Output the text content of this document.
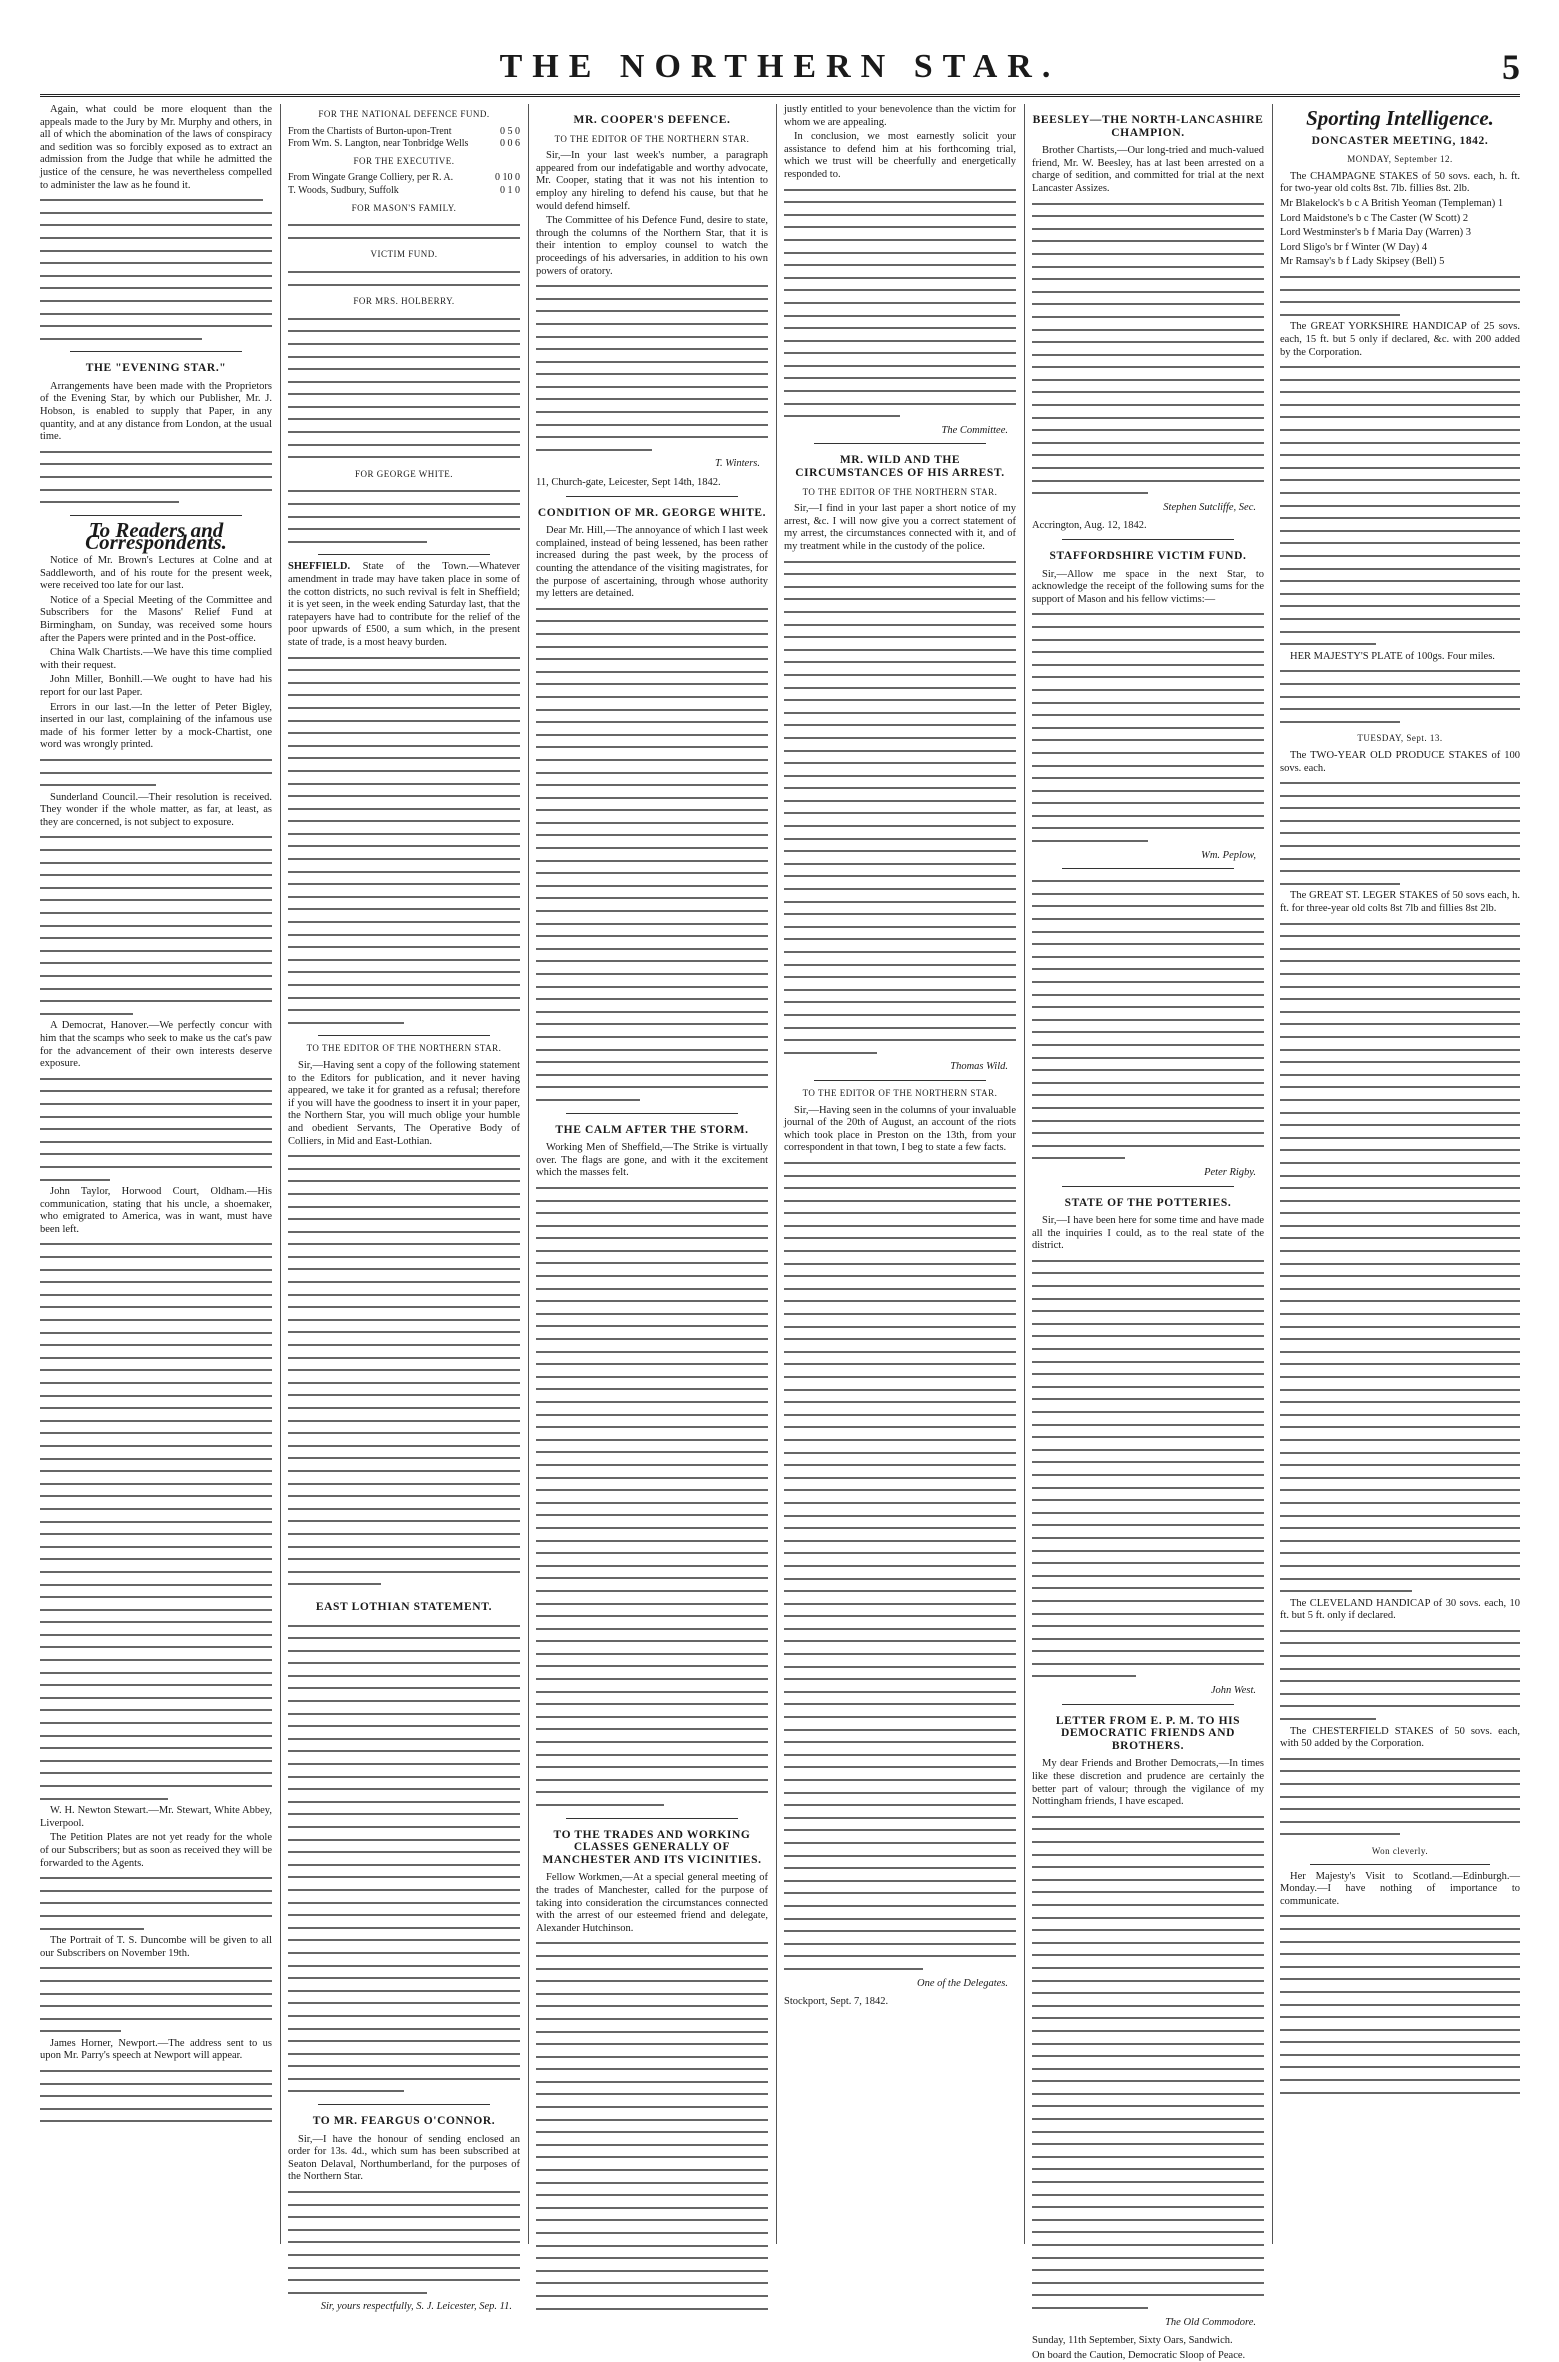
THE NORTHERN STAR.	5

Again, what could be more eloquent than the appeals made to the Jury by Mr. Murphy and others, in all of which the abomination of the laws of conspiracy and sedition was so forcibly exposed as to extract an admission from the Judge that while he admitted the justice of the censure, he was nevertheless compelled to administer the law as he found it.

THE "EVENING STAR."

Arrangements have been made with the Proprietors of the Evening Star, by which our Publisher, Mr. J. Hobson, is enabled to supply that Paper, in any quantity, and at any distance from London, at the usual time.

To Readers and Correspondents.

Notice of Mr. Brown's Lectures at Colne and at Saddleworth, and of his route for the present week, were received too late for our last.

Notice of a Special Meeting of the Committee and Subscribers for the Masons' Relief Fund at Birmingham, on Sunday, was received some hours after the Papers were printed and in the Post-office.

China Walk Chartists.—We have this time complied with their request.

John Miller, Bonhill.—We ought to have had his report for our last Paper.

Errors in our last.—In the letter of Peter Bigley, inserted in our last, complaining of the infamous use made of his former letter by a mock-Chartist, one word was wrongly printed.

Sunderland Council.—Their resolution is received. They wonder if the whole matter, as far, at least, as they are concerned, is not subject to exposure.

A Democrat, Hanover.—We perfectly concur with him that the scamps who seek to make us the cat's paw for the advancement of their own interests deserve exposure.

John Taylor, Horwood Court, Oldham.—His communication, stating that his uncle, a shoemaker, who emigrated to America, was in want, must have been left.

W. H. Newton Stewart.—Mr. Stewart, White Abbey, Liverpool.

The Petition Plates are not yet ready for the whole of our Subscribers; but as soon as received they will be forwarded to the Agents.

The Portrait of T. S. Duncombe will be given to all our Subscribers on November 19th.

James Horner, Newport.—The address sent to us upon Mr. Parry's speech at Newport will appear.

FOR THE NATIONAL DEFENCE FUND.
From the Chartists of Burton-upon-Trent	0 5 0
From Wm. S. Langton, near Tonbridge Wells	0 0 6
FOR THE EXECUTIVE.
From Wingate Grange Colliery, per R. A.	0 10 0
T. Woods, Sudbury, Suffolk	0 1 0
FOR MASON'S FAMILY.
VICTIM FUND.
FOR MRS. HOLBERRY.
FOR GEORGE WHITE.

SHEFFIELD. State of the Town.—Whatever amendment in trade may have taken place in some of the cotton districts, no such revival is felt in Sheffield; it is yet seen, in the week ending Saturday last, that the ratepayers have had to contribute for the relief of the poor upwards of £500, a sum which, in the present state of trade, is a most heavy burden.

TO THE EDITOR OF THE NORTHERN STAR.

Sir,—Having sent a copy of the following statement to the Editors for publication, and it never having appeared, we take it for granted as a refusal; therefore if you will have the goodness to insert it in your paper, the Northern Star, you will much oblige your humble and obedient Servants, The Operative Body of Colliers, in Mid and East-Lothian.

EAST LOTHIAN STATEMENT.
TO MR. FEARGUS O'CONNOR.

Sir,—I have the honour of sending enclosed an order for 13s. 4d., which sum has been subscribed at Seaton Delaval, Northumberland, for the purposes of the Northern Star.

Sir, yours respectfully, S. J. Leicester, Sep. 11.
MR. COOPER'S DEFENCE.
TO THE EDITOR OF THE NORTHERN STAR.

Sir,—In your last week's number, a paragraph appeared from our indefatigable and worthy advocate, Mr. Cooper, stating that it was not his intention to employ any hireling to defend his cause, but that he would defend himself.

The Committee of his Defence Fund, desire to state, through the columns of the Northern Star, that it is their intention to employ counsel to watch the proceedings of his adversaries, in addition to his own powers of oratory.

T. Winters.

11, Church-gate, Leicester, Sept 14th, 1842.

CONDITION OF MR. GEORGE WHITE.

Dear Mr. Hill,—The annoyance of which I last week complained, instead of being lessened, has been rather increased during the past week, by the process of counting the attendance of the visiting magistrates, for the purpose of ascertaining, through whose authority my letters are detained.

THE CALM AFTER THE STORM.

Working Men of Sheffield,—The Strike is virtually over. The flags are gone, and with it the excitement which the masses felt.

TO THE TRADES AND WORKING CLASSES GENERALLY OF MANCHESTER AND ITS VICINITIES.

Fellow Workmen,—At a special general meeting of the trades of Manchester, called for the purpose of taking into consideration the circumstances connected with the arrest of our esteemed friend and delegate, Alexander Hutchinson.

justly entitled to your benevolence than the victim for whom we are appealing.

In conclusion, we most earnestly solicit your assistance to defend him at his forthcoming trial, which we trust will be cheerfully and energetically responded to.

The Committee.
MR. WILD AND THE CIRCUMSTANCES OF HIS ARREST.
TO THE EDITOR OF THE NORTHERN STAR.

Sir,—I find in your last paper a short notice of my arrest, &c. I will now give you a correct statement of my arrest, the circumstances connected with it, and of my treatment while in the custody of the police.

Thomas Wild.
TO THE EDITOR OF THE NORTHERN STAR.

Sir,—Having seen in the columns of your invaluable journal of the 20th of August, an account of the riots which took place in Preston on the 13th, from your correspondent in that town, I beg to state a few facts.

One of the Delegates.

Stockport, Sept. 7, 1842.

BEESLEY—THE NORTH-LANCASHIRE CHAMPION.

Brother Chartists,—Our long-tried and much-valued friend, Mr. W. Beesley, has at last been arrested on a charge of sedition, and committed for trial at the next Lancaster Assizes.

Stephen Sutcliffe, Sec.

Accrington, Aug. 12, 1842.

STAFFORDSHIRE VICTIM FUND.

Sir,—Allow me space in the next Star, to acknowledge the receipt of the following sums for the support of Mason and his fellow victims:—

Wm. Peplow,
Peter Rigby.
STATE OF THE POTTERIES.

Sir,—I have been here for some time and have made all the inquiries I could, as to the real state of the district.

John West.
LETTER FROM E. P. M. TO HIS DEMOCRATIC FRIENDS AND BROTHERS.

My dear Friends and Brother Democrats,—In times like these discretion and prudence are certainly the better part of valour; through the vigilance of my Nottingham friends, I have escaped.

The Old Commodore.

Sunday, 11th September, Sixty Oars, Sandwich.

On board the Caution, Democratic Sloop of Peace.

Sporting Intelligence.
DONCASTER MEETING, 1842.
MONDAY, September 12.

The CHAMPAGNE STAKES of 50 sovs. each, h. ft. for two-year old colts 8st. 7lb. fillies 8st. 2lb.

Mr Blakelock's b c A British Yeoman (Templeman) 1

Lord Maidstone's b c The Caster (W Scott) 2

Lord Westminster's b f Maria Day (Warren) 3

Lord Sligo's br f Winter (W Day) 4

Mr Ramsay's b f Lady Skipsey (Bell) 5

The GREAT YORKSHIRE HANDICAP of 25 sovs. each, 15 ft. but 5 only if declared, &c. with 200 added by the Corporation.

HER MAJESTY'S PLATE of 100gs. Four miles.

TUESDAY, Sept. 13.

The TWO-YEAR OLD PRODUCE STAKES of 100 sovs. each.

The GREAT ST. LEGER STAKES of 50 sovs each, h. ft. for three-year old colts 8st 7lb and fillies 8st 2lb.

The CLEVELAND HANDICAP of 30 sovs. each, 10 ft. but 5 ft. only if declared.

The CHESTERFIELD STAKES of 50 sovs. each, with 50 added by the Corporation.

Won cleverly.

Her Majesty's Visit to Scotland.—Edinburgh.—Monday.—I have nothing of importance to communicate.
